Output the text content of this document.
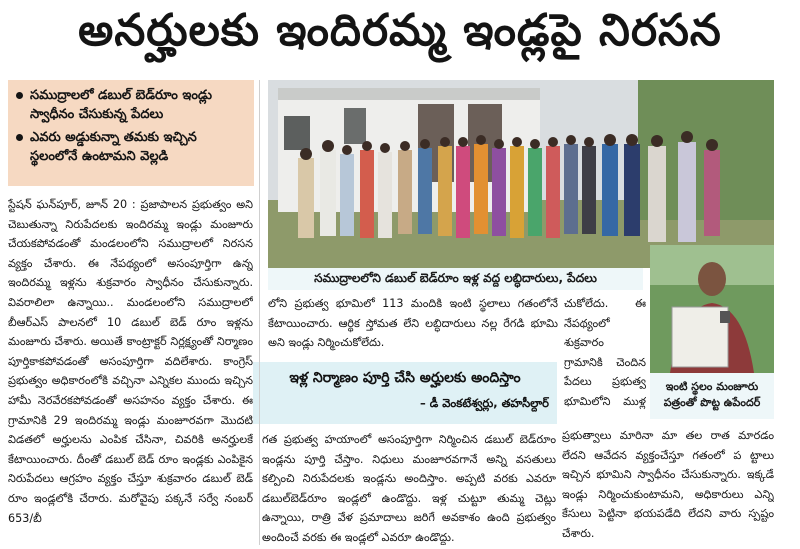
అనర్హులకు ఇందిరమ్మ ఇండ్లపై నిరసన
సముద్రాలలో డబుల్‌ బెడ్‌రూం ఇండ్లు స్వాధీనం చేసుకున్న పేదలు
ఎవరు అడ్డుకున్నా తమకు ఇచ్చిన స్థలంలోనే ఉంటామని వెల్లడి
స్టేషన్‌ ఘన్‌పూర్‌, జూన్‌ 20 : ప్రజాపాలన ప్రభుత్వం అని చెబుతున్నా నిరుపేదలకు ఇందిరమ్మ ఇండ్లు మంజూరు చేయకపోవడంతో మండలంలోని సముద్రాలలో నిరసన వ్యక్తం చేశారు. ఈ నేపథ్యంలో అసంపూర్తిగా ఉన్న ఇందిరమ్మ ఇళ్లను శుక్రవారం స్వాధీనం చేసుకున్నారు. వివరాలిలా ఉన్నాయి.. మండలంలోని సముద్రాలలో బీఆర్‌ఎస్‌ పాలనలో 10 డబుల్‌ బెడ్‌ రూం ఇళ్లను మంజూరు చేశారు. అయితే కాంట్రాక్టర్‌ నిర్లక్ష్యంతో నిర్మాణం పూర్తికాకపోవడంతో అసంపూర్తిగా వదిలేశారు. కాంగ్రెస్‌ ప్రభుత్వం అధికారంలోకి వచ్చినా ఎన్నికల ముందు ఇచ్చిన హామీ నెరవేరకపోవడంతో అసహనం వ్యక్తం చేశారు. ఈ గ్రామానికి 29 ఇందిరమ్మ ఇండ్లు మంజూరవగా మొదటి విడతలో అర్హులను ఎంపిక చేసినా, చివరికి అనర్హులకే కేటాయించారు. దీంతో డబుల్‌ బెడ్‌ రూం ఇండ్లకు ఎంపికైన నిరుపేదలు ఆగ్రహం వ్యక్తం చేస్తూ శుక్రవారం డబుల్‌ బెడ్‌ రూం ఇండ్లలోకి చేరారు. మరోవైపు పక్కనే సర్వే నంబర్‌ 653/బీ
సముద్రాలలోని డబుల్‌ బెడ్‌రూం ఇళ్ల వద్ద లబ్ధిదారులు, పేదలు
ఇంటి స్థలం మంజూరు పత్రంతో పొట్ట ఉపేందర్‌
లోని ప్రభుత్వ భూమిలో 113 మందికి ఇంటి స్థలాలు గతంలోనే కేటాయించారు. ఆర్థిక స్తోమత లేని లబ్ధిదారులు నల్ల రేగడి భూమి అని ఇండ్లు నిర్మించుకోలేదు.
చుకోలేదు. ఈ నేపథ్యంలో శుక్రవారం గ్రామానికి చెందిన పేదలు ప్రభుత్వ భూమిలోని ముళ్ల
ఇళ్ల నిర్మాణం పూర్తి చేసి అర్హులకు అందిస్తాం
– డీ వెంకటేశ్వర్లు, తహసీల్దార్‌
గత ప్రభుత్వ హయాంలో అసంపూర్తిగా నిర్మించిన డబుల్‌ బెడ్‌రూం ఇండ్లను పూర్తి చేస్తాం. నిధులు మంజూరవగానే అన్ని వసతులు కల్పించి నిరుపేదలకు ఇండ్లను అందిస్తాం. అప్పటి వరకు ఎవరూ డబుల్‌బెడ్‌రూం ఇండ్లలో ఉండొద్దు. ఇళ్ల చుట్టూ తుమ్మ చెట్లు ఉన్నాయి, రాత్రి వేళ ప్రమాదాలు జరిగే అవకాశం ఉంది ప్రభుత్వం అందించే వరకు ఈ ఇండ్లలో ఎవరూ ఉండొద్దు.
ప్రభుత్వాలు మారినా మా తల రాత మారడం లేదని ఆవేదన వ్యక్తంచేస్తూ గతంలో ప ట్టాలు ఇచ్చిన భూమిని స్వాధీనం చేసుకున్నారు. ఇక్కడే ఇండ్లు నిర్మించుకుంటామని, అధికారులు ఎన్ని కేసులు పెట్టినా భయపడేది లేదని వారు స్పష్టం చేశారు.
